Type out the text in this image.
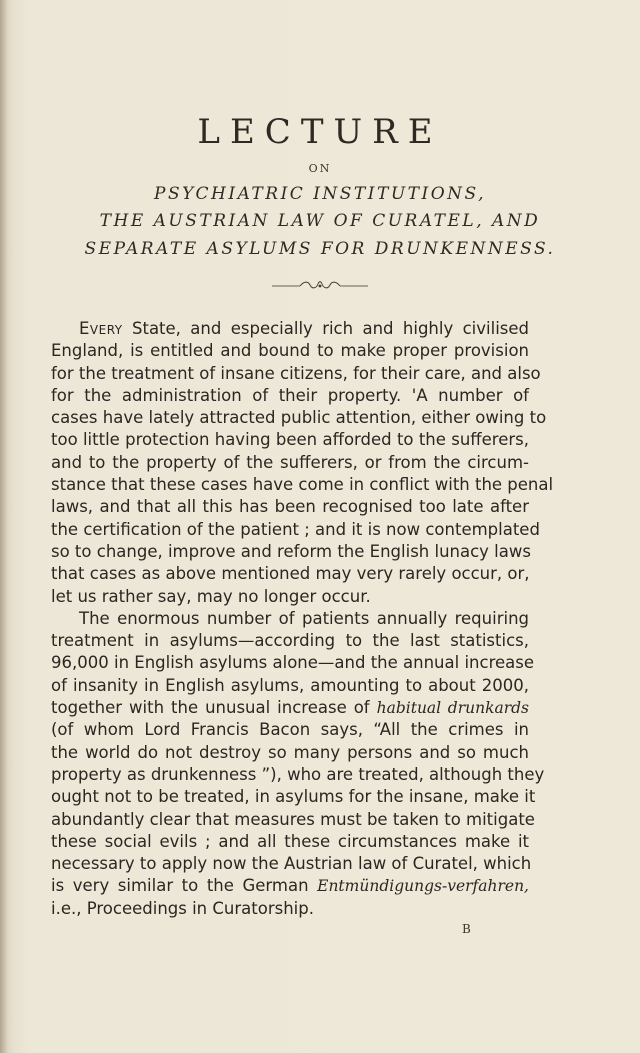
LECTURE
ON
PSYCHIATRIC INSTITUTIONS,
THE AUSTRIAN LAW OF CURATEL, AND
SEPARATE ASYLUMS FOR DRUNKENNESS.
Every State, and especially rich and highly civilised
England, is entitled and bound to make proper provision
for the treatment of insane citizens, for their care, and also
for the administration of their property. 'A number of
cases have lately attracted public attention, either owing to
too little protection having been afforded to the sufferers,
and to the property of the sufferers, or from the circum-
stance that these cases have come in conflict with the penal
laws, and that all this has been recognised too late after
the certification of the patient ; and it is now contemplated
so to change, improve and reform the English lunacy laws
that cases as above mentioned may very rarely occur, or,
let us rather say, may no longer occur.
The enormous number of patients annually requiring
treatment in asylums—according to the last statistics,
96,000 in English asylums alone—and the annual increase
of insanity in English asylums, amounting to about 2000,
together with the unusual increase of habitual drunkards
(of whom Lord Francis Bacon says, “All the crimes in
the world do not destroy so many persons and so much
property as drunkenness ”), who are treated, although they
ought not to be treated, in asylums for the insane, make it
abundantly clear that measures must be taken to mitigate
these social evils ; and all these circumstances make it
necessary to apply now the Austrian law of Curatel, which
is very similar to the German Entmündigungs-verfahren,
i.e., Proceedings in Curatorship.
B
